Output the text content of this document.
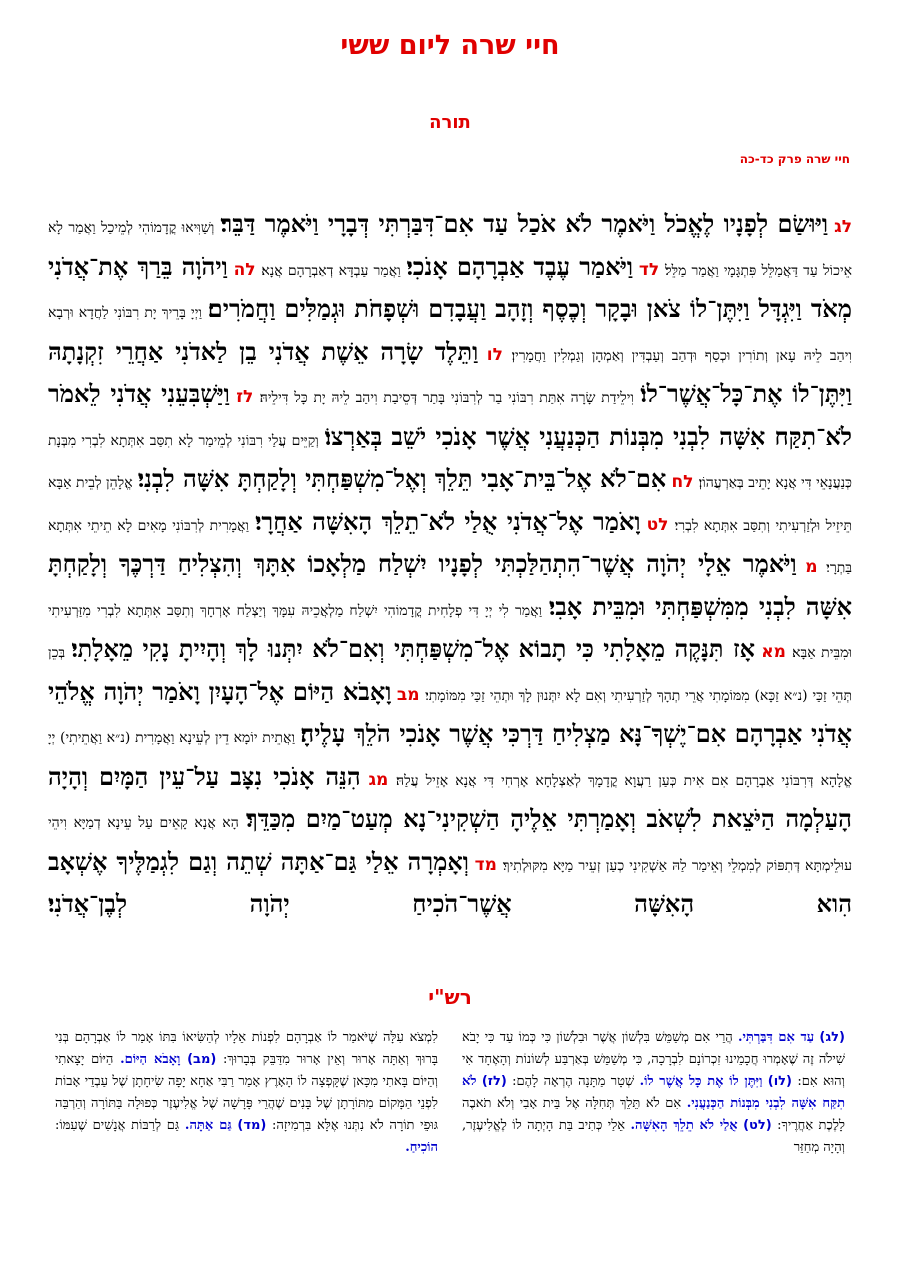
חיי שרה ליום ששי
תורה
חיי שרה פרק כד-כה
לג וַיּוּשַׂם לְפָנָיו לֶאֱכֹל וַיֹּאמֶר לֹא אֹכַל עַד אִם־דִּבַּרְתִּי דְּבָרָי וַיֹּאמֶר דַּבֵּר׃ וְשַׁוִּיאוּ קֳדָמוֹהִי לְמֵיכַל וַאֲמַר לָא אֵיכוֹל עַד דַּאֲמַלֵּל פִּתְגָּמָי וַאֲמַר מַלֵּל׃ לד וַיֹּאמַר עֶבֶד אַבְרָהָם אָנֹכִי׃ וַאֲמַר עַבְדָּא דְאַבְרָהָם אֲנָא׃ לה וַיהֹוָה בֵּרַךְ אֶת־אֲדֹנִי מְאֹד וַיִּגְדָּל וַיִּתֶּן־לוֹ צֹאן וּבָקָר וְכֶסֶף וְזָהָב וַעֲבָדִם וּשְׁפָחֹת וּגְמַלִּים וַחֲמֹרִים׃ וַיְיָ בָּרֵיךְ יָת רִבּוֹנִי לַחֲדָא וּרְבָא וִיהַב לֵיהּ עָאן וְתוֹרִין וּכְסַף וּדְהַב וְעַבְדִּין וְאַמְהָן וְגַמְלִין וַחֲמָרִין׃ לו וַתֵּלֶד שָׂרָה אֵשֶׁת אֲדֹנִי בֵן לַאדֹנִי אַחֲרֵי זִקְנָתָהּ וַיִּתֶּן־לוֹ אֶת־כָּל־אֲשֶׁר־לוֹ׃ וִילֵידַת שָׂרָה אִתַּת רִבּוֹנִי בַר לְרִבּוֹנִי בָּתַר דְּסֵיבַת וִיהַב לֵיהּ יָת כָּל דִּילֵיהּ׃ לז וַיַּשְׁבִּעֵנִי אֲדֹנִי לֵאמֹר לֹא־תִקַּח אִשָּׁה לִבְנִי מִבְּנוֹת הַכְּנַעֲנִי אֲשֶׁר אָנֹכִי יֹשֵׁב בְּאַרְצוֹ׃ וְקַיֵּים עֲלַי רִבּוֹנִי לְמֵימַר לָא תִסַּב אִתְּתָא לִבְרִי מִבְּנָת כְּנַעֲנָאֵי דִּי אֲנָא יָתֵיב בְּאַרְעֲהוֹן׃ לח אִם־לֹא אֶל־בֵּית־אָבִי תֵּלֵךְ וְאֶל־מִשְׁפַּחְתִּי וְלָקַחְתָּ אִשָּׁה לִבְנִי׃ אֱלָהֵן לְבֵית אַבָּא תֵּיזֵיל וּלְזַרְעִיתִי וְתִסַּב אִתְּתָא לִבְרִי׃ לט וָאֹמַר אֶל־אֲדֹנִי אֻלַי לֹא־תֵלֵךְ הָאִשָּׁה אַחֲרָי׃ וַאֲמָרִית לְרִבּוֹנִי מָאִים לָא תֵיתֵי אִתְּתָא בַּתְרָי׃ מ וַיֹּאמֶר אֵלָי יְהֹוָה אֲשֶׁר־הִתְהַלַּכְתִּי לְפָנָיו יִשְׁלַח מַלְאָכוֹ אִתָּךְ וְהִצְלִיחַ דַּרְכֶּךָ וְלָקַחְתָּ אִשָּׁה לִבְנִי מִמִּשְׁפַּחְתִּי וּמִבֵּית אָבִי׃ וַאֲמַר לִי יְיָ דִּי פְלָחִית קֳדָמוֹהִי יִשְׁלַח מַלְאֲכֵיהּ עִמָּךְ וְיַצְלַח אָרְחָךְ וְתִסַּב אִתְּתָא לִבְרִי מִזַּרְעִיתִי וּמִבֵּית אַבָּא׃ מא אָז תִּנָּקֶה מֵאָלָתִי כִּי תָבוֹא אֶל־מִשְׁפַּחְתִּי וְאִם־לֹא יִתְּנוּ לָךְ וְהָיִיתָ נָקִי מֵאָלָתִי׃ בְּכֵן תְּהֵי זַכַּי (נ״א זַכָּא) מִמּוֹמָתִי אֲרֵי תְהָךְ לְזַרְעִיתִי וְאִם לָא יִתְּנוּן לָךְ וּתְהֵי זַכַּי מִמּוֹמָתִי׃ מב וָאָבֹא הַיּוֹם אֶל־הָעָיִן וָאֹמַר יְהֹוָה אֱלֹהֵי אֲדֹנִי אַבְרָהָם אִם־יֶשְׁךָ־נָּא מַצְלִיחַ דַּרְכִּי אֲשֶׁר אָנֹכִי הֹלֵךְ עָלֶיהָ׃ וַאֲתֵית יוֹמָא דֵין לְעֵינָא וַאֲמָרִית (נ״א וַאֲתֵיתִי) יְיָ אֱלָהָא דְּרִבּוֹנִי אַבְרָהָם אִם אִית כְּעַן רַעֲוָא קֳדָמָךְ לְאַצְלָחָא אָרְחִי דִּי אֲנָא אָזֵיל עֲלַהּ׃ מג הִנֵּה אָנֹכִי נִצָּב עַל־עֵין הַמָּיִם וְהָיָה הָעַלְמָה הַיֹּצֵאת לִשְׁאֹב וְאָמַרְתִּי אֵלֶיהָ הַשְׁקִינִי־נָא מְעַט־מַיִם מִכַּדֵּךְ׃ הָא אֲנָא קָאֵים עַל עֵינָא דְמַיָּא וִיהֵי עוּלֵימְתָּא דְּתִפּוֹק לְמִמְלֵי וְאֵימַר לַהּ אַשְׁקִינִי כְעַן זְעֵיר מַיָּא מִקּוּלְתִיךְ׃ מד וְאָמְרָה אֵלַי גַּם־אַתָּה שְׁתֵה וְגַם לִגְמַלֶּיךָ אֶשְׁאָב הִוא הָאִשָּׁה אֲשֶׁר־הֹכִיחַ יְהֹוָה לְבֶן־אֲדֹנִי׃
רש"י
(לג) עַד אִם דִּבַּרְתִּי. הֲרֵי אִם מְשַׁמֵּשׁ בִּלְשׁוֹן אֲשֶׁר וּבִלְשׁוֹן כִּי כְּמוֹ עַד כִּי יָבֹא שִׁילֹה זֶה שֶׁאָמְרוּ חֲכָמֵינוּ זִכְרוֹנָם לִבְרָכָה, כִּי מְשַׁמֵּשׁ בְּאַרְבַּע לְשׁוֹנוֹת וְהָאֶחָד אִי וְהוּא אִם: (לו) וַיִּתֶּן לוֹ אֶת כָּל אֲשֶׁר לוֹ. שְׁטָר מַתָּנָה הֶרְאָה לָהֶם: (לז) לֹא תִקַּח אִשָּׁה לִבְנִי מִבְּנוֹת הַכְּנַעֲנִי. אִם לֹא תֵּלֵךְ תְּחִלָּה אֶל בֵּית אָבִי וְלֹא תֹאבֶה לָלֶכֶת אַחֲרֶיךָ: (לט) אֻלַי לֹא תֵלֵךְ הָאִשָּׁה. אֵלַי כְּתִיב בַּת הָיְתָה לוֹ לֶאֱלִיעֶזֶר, וְהָיָה מְחַזֵּר
לִמְצֹא עִלָּה שֶׁיֹּאמַר לוֹ אַבְרָהָם לִפְנוֹת אֵלָיו לְהַשִּׂיאוֹ בִּתּוֹ אָמַר לוֹ אַבְרָהָם בְּנִי בָּרוּךְ וְאַתָּה אָרוּר וְאֵין אָרוּר מִדַּבֵּק בְּבָרוּךְ: (מב) וָאָבֹא הַיּוֹם. הַיּוֹם יָצָאתִי וְהַיּוֹם בָּאתִי מִכָּאן שֶׁקָּפְצָה לוֹ הָאָרֶץ אָמַר רַבִּי אַחָא יָפָה שִׂיחָתָן שֶׁל עַבְדֵי אָבוֹת לִפְנֵי הַמָּקוֹם מִתּוֹרָתָן שֶׁל בָּנִים שֶׁהֲרֵי פָּרָשָׁה שֶׁל אֱלִיעֶזֶר כְּפוּלָה בַּתּוֹרָה וְהַרְבֵּה גּוּפֵי תוֹרָה לֹא נִתְּנוּ אֶלָּא בִּרְמִיזָה: (מד) גַּם אַתָּה. גַּם לְרַבּוֹת אֲנָשִׁים שֶׁעִמּוֹ: הוֹכִיחַ.
